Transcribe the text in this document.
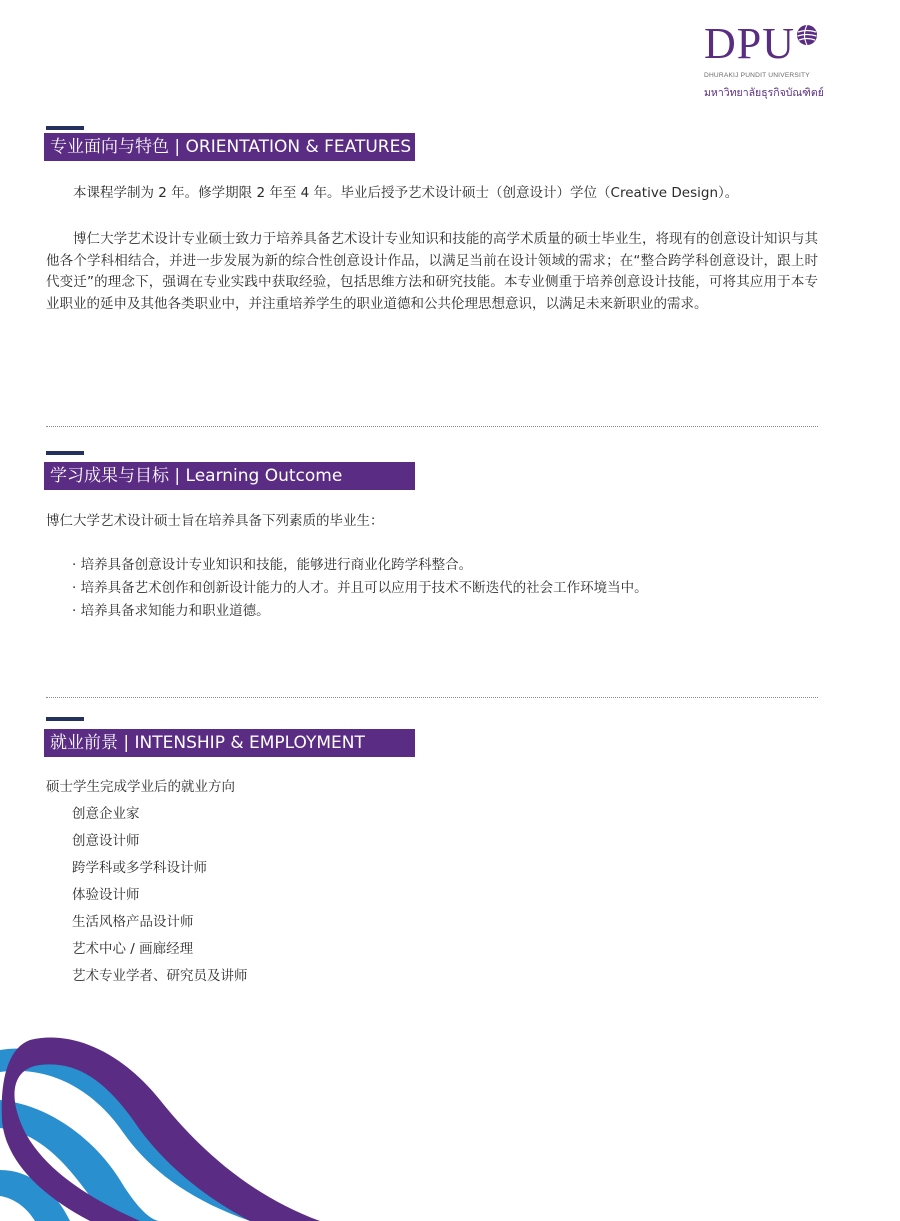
DPU
DHURAKIJ PUNDIT UNIVERSITY
มหาวิทยาลัยธุรกิจบัณฑิตย์
专业面向与特色 | ORIENTATION & FEATURES

本课程学制为 2 年。修学期限 2 年至 4 年。毕业后授予艺术设计硕士（创意设计）学位（Creative Design）。

博仁大学艺术设计专业硕士致力于培养具备艺术设计专业知识和技能的高学术质量的硕士毕业生，将现有的创意设计知识与其他各个学科相结合，并进一步发展为新的综合性创意设计作品，以满足当前在设计领域的需求；在“整合跨学科创意设计，跟上时代变迁”的理念下，强调在专业实践中获取经验，包括思维方法和研究技能。本专业侧重于培养创意设计技能，可将其应用于本专业职业的延申及其他各类职业中，并注重培养学生的职业道德和公共伦理思想意识，以满足未来新职业的需求。

学习成果与目标 | Learning Outcome

博仁大学艺术设计硕士旨在培养具备下列素质的毕业生：

· 培养具备创意设计专业知识和技能，能够进行商业化跨学科整合。
· 培养具备艺术创作和创新设计能力的人才。并且可以应用于技术不断迭代的社会工作环境当中。
· 培养具备求知能力和职业道德。
就业前景 | INTENSHIP & EMPLOYMENT

硕士学生完成学业后的就业方向

创意企业家
创意设计师
跨学科或多学科设计师
体验设计师
生活风格产品设计师
艺术中心 / 画廊经理
艺术专业学者、研究员及讲师
